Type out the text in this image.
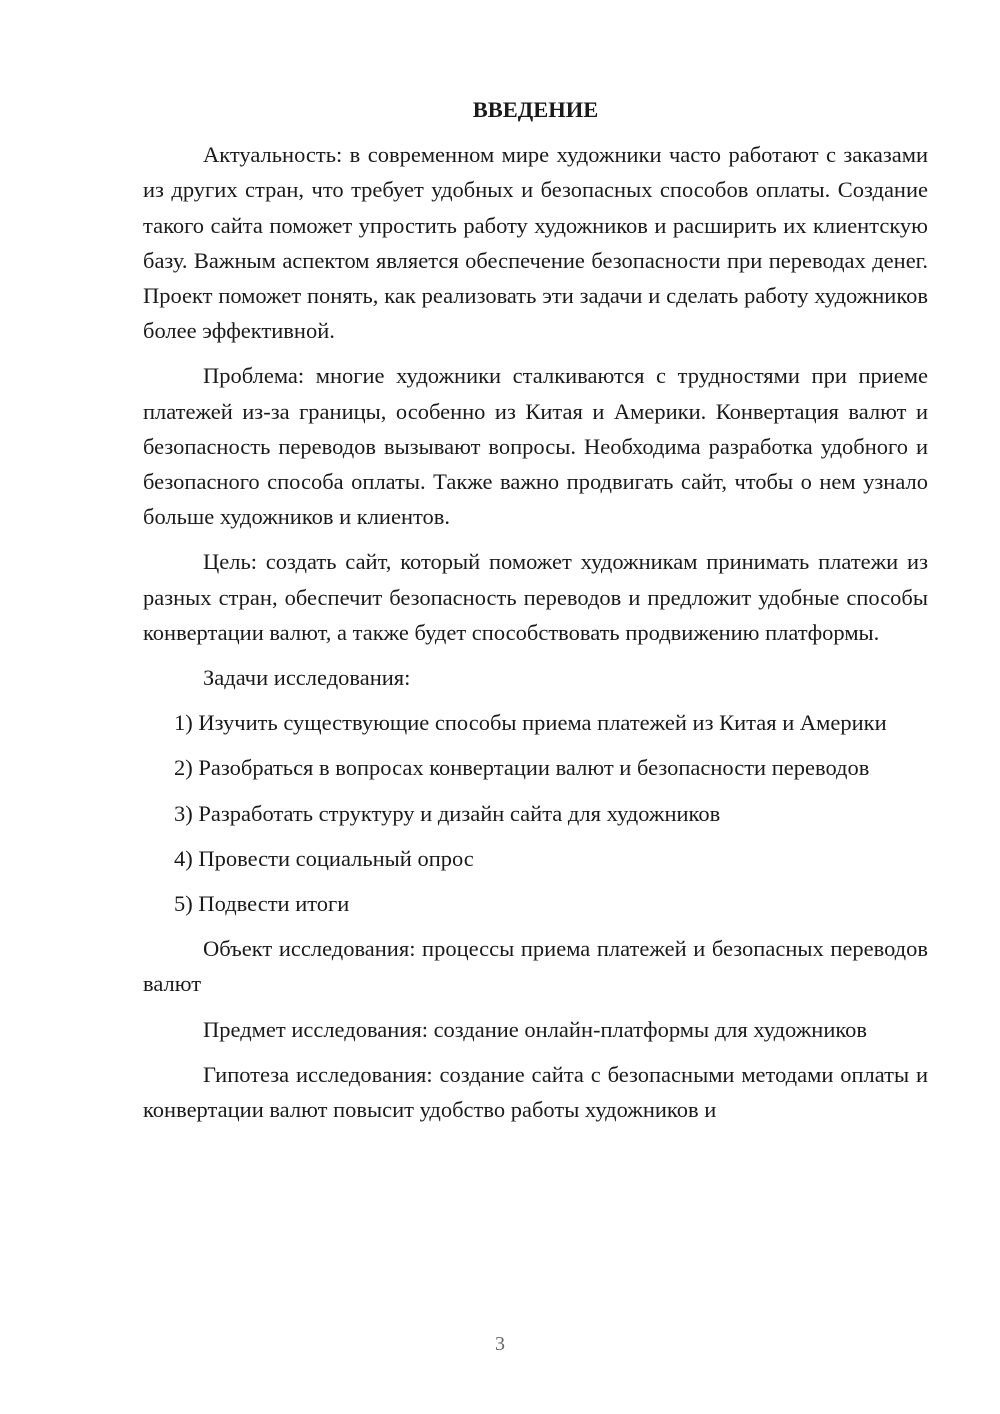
ВВЕДЕНИЕ

Актуальность: в современном мире художники часто работают с заказами из других стран, что требует удобных и безопасных способов оплаты. Создание такого сайта поможет упростить работу художников и расширить их клиентскую базу. Важным аспектом является обеспечение безопасности при переводах денег. Проект поможет понять, как реализовать эти задачи и сделать работу художников более эффективной.

Проблема: многие художники сталкиваются с трудностями при приеме платежей из-за границы, особенно из Китая и Америки. Конвертация валют и безопасность переводов вызывают вопросы. Необходима разработка удобного и безопасного способа оплаты. Также важно продвигать сайт, чтобы о нем узнало больше художников и клиентов.

Цель: создать сайт, который поможет художникам принимать платежи из разных стран, обеспечит безопасность переводов и предложит удобные способы конвертации валют, а также будет способствовать продвижению платформы.

Задачи исследования:

1) Изучить существующие способы приема платежей из Китая и Америки

2) Разобраться в вопросах конвертации валют и безопасности переводов

3) Разработать структуру и дизайн сайта для художников

4) Провести социальный опрос

5) Подвести итоги

Объект исследования: процессы приема платежей и безопасных переводов валют

Предмет исследования: создание онлайн-платформы для художников

Гипотеза исследования: создание сайта с безопасными методами оплаты и конвертации валют повысит удобство работы художников и

3
